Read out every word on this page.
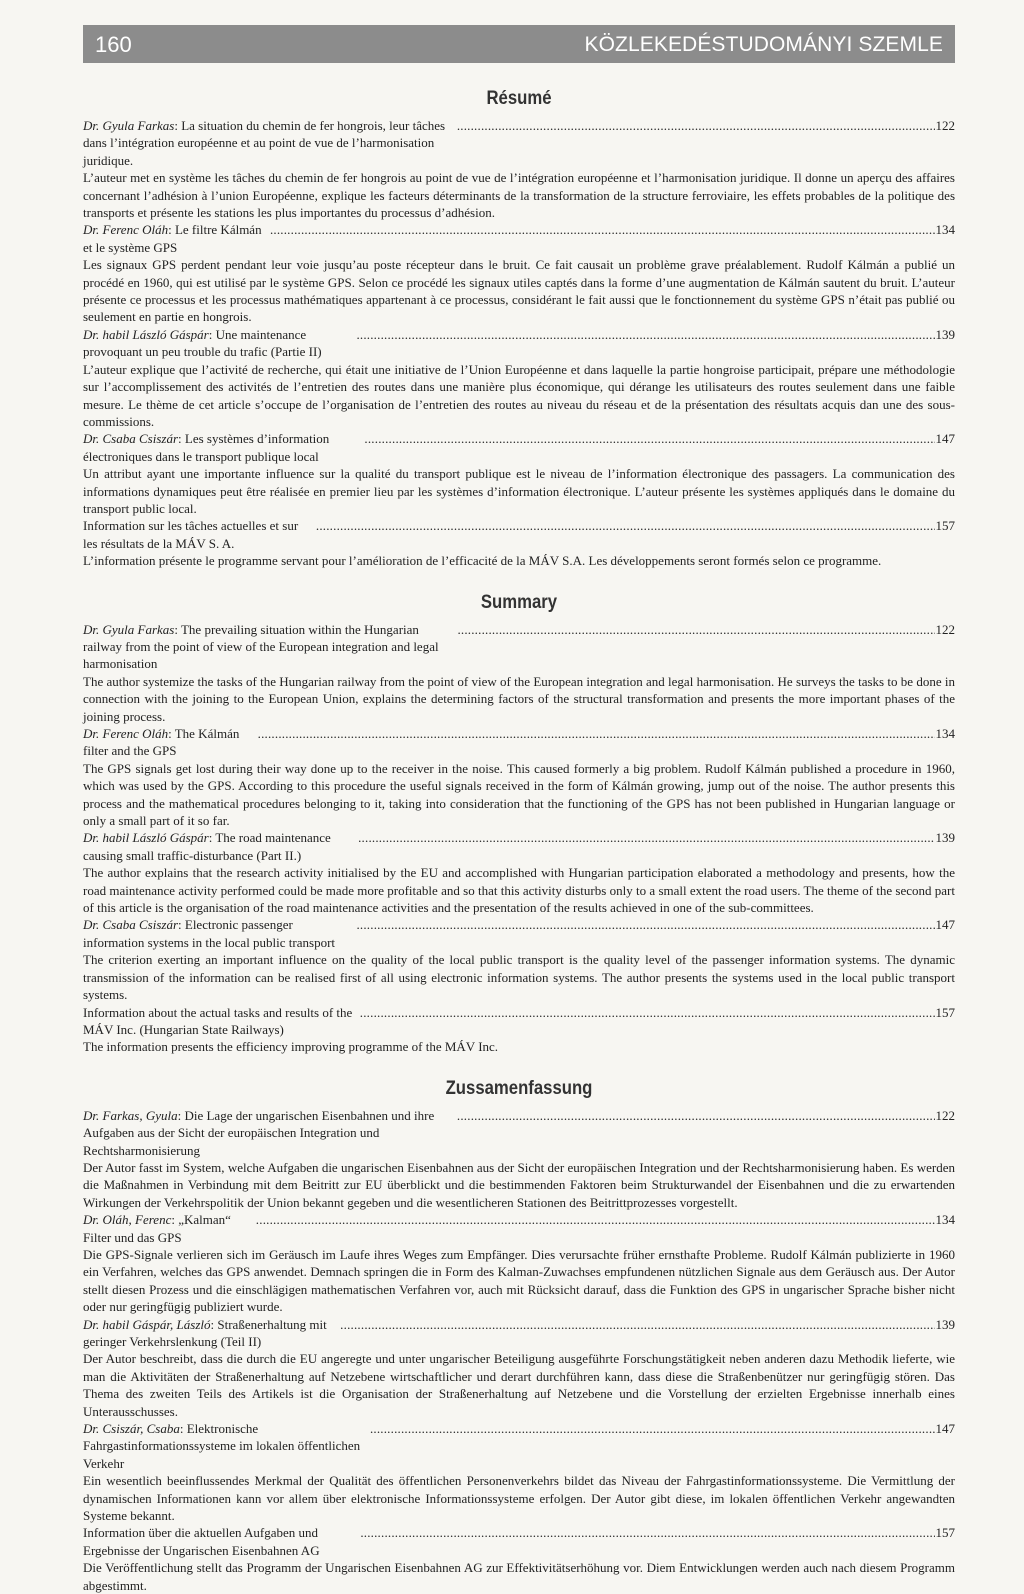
160	KÖZLEKEDÉSTUDOMÁNYI SZEMLE
Résumé
Dr. Gyula Farkas: La situation du chemin de fer hongrois, leur tâches dans l’intégration européenne et au point de vue de l’harmonisation juridique.
.....
122
L’auteur met en système les tâches du chemin de fer hongrois au point de vue de l’intégration européenne et l’harmonisation juridique. Il donne un aperçu des affaires concernant l’adhésion à l’union Européenne, explique les facteurs déterminants de la transformation de la structure ferroviaire, les effets probables de la politique des transports et présente les stations les plus importantes du processus d’adhésion.
Dr. Ferenc Oláh: Le filtre Kálmán et le système GPS
.....
134
Les signaux GPS perdent pendant leur voie jusqu’au poste récepteur dans le bruit. Ce fait causait un problème grave préalablement. Rudolf Kálmán a publié un procédé en 1960, qui est utilisé par le système GPS. Selon ce procédé les signaux utiles captés dans la forme d’une augmentation de Kálmán sautent du bruit. L’auteur présente ce processus et les processus mathématiques appartenant à ce processus, considérant le fait aussi que le fonctionnement du système GPS n’était pas publié ou seulement en partie en hongrois.
Dr. habil László Gáspár: Une maintenance provoquant un peu trouble du trafic (Partie II)
.....
139
L’auteur explique que l’activité de recherche, qui était une initiative de l’Union Européenne et dans laquelle la partie hongroise participait, prépare une méthodologie sur l’accomplissement des activités de l’entretien des routes dans une manière plus économique, qui dérange les utilisateurs des routes seulement dans une faible mesure. Le thème de cet article s’occupe de l’organisation de l’entretien des routes au niveau du réseau et de la présentation des résultats acquis dan une des sous-commissions.
Dr. Csaba Csiszár: Les systèmes d’information électroniques dans le transport publique local
.....
147
Un attribut ayant une importante influence sur la qualité du transport publique est le niveau de l’information électronique des passagers. La communication des informations dynamiques peut être réalisée en premier lieu par les systèmes d’information électronique. L’auteur présente les systèmes appliqués dans le domaine du transport public local.
Information sur les tâches actuelles et sur les résultats de la MÁV S. A.
.....
157
L’information présente le programme servant pour l’amélioration de l’efficacité de la MÁV S.A. Les développements seront formés selon ce programme.
Summary
Dr. Gyula Farkas: The prevailing situation within the Hungarian railway from the point of view of the European integration and legal harmonisation
.....
122
The author systemize the tasks of the Hungarian railway from the point of view of the European integration and legal harmonisation. He surveys the tasks to be done in connection with the joining to the European Union, explains the determining factors of the structural transformation and presents the more important phases of the joining process.
Dr. Ferenc Oláh: The Kálmán filter and the GPS
.....
134
The GPS signals get lost during their way done up to the receiver in the noise. This caused formerly a big problem. Rudolf Kálmán published a procedure in 1960, which was used by the GPS. According to this procedure the useful signals received in the form of Kálmán growing, jump out of the noise. The author presents this process and the mathematical procedures belonging to it, taking into consideration that the functioning of the GPS has not been published in Hungarian language or only a small part of it so far.
Dr. habil László Gáspár: The road maintenance causing small traffic-disturbance (Part II.)
.....
139
The author explains that the research activity initialised by the EU and accomplished with Hungarian participation elaborated a methodology and presents, how the road maintenance activity performed could be made more profitable and so that this activity disturbs only to a small extent the road users. The theme of the second part of this article is the organisation of the road maintenance activities and the presentation of the results achieved in one of the sub-committees.
Dr. Csaba Csiszár: Electronic passenger information systems in the local public transport
.....
147
The criterion exerting an important influence on the quality of the local public transport is the quality level of the passenger information systems. The dynamic transmission of the information can be realised first of all using electronic information systems. The author presents the systems used in the local public transport systems.
Information about the actual tasks and results of the MÁV Inc. (Hungarian State Railways)
.....
157
The information presents the efficiency improving programme of the MÁV Inc.
Zussamenfassung
Dr. Farkas, Gyula: Die Lage der ungarischen Eisenbahnen und ihre Aufgaben aus der Sicht der europäischen Integration und Rechtsharmonisierung
.....
122
Der Autor fasst im System, welche Aufgaben die ungarischen Eisenbahnen aus der Sicht der europäischen Integration und der Rechtsharmonisierung haben. Es werden die Maßnahmen in Verbindung mit dem Beitritt zur EU überblickt und die bestimmenden Faktoren beim Strukturwandel der Eisenbahnen und die zu erwartenden Wirkungen der Verkehrspolitik der Union bekannt gegeben und die wesentlicheren Stationen des Beitrittprozesses vorgestellt.
Dr. Oláh, Ferenc: „Kalman“ Filter und das GPS
.....
134
Die GPS-Signale verlieren sich im Geräusch im Laufe ihres Weges zum Empfänger. Dies verursachte früher ernsthafte Probleme. Rudolf Kálmán publizierte in 1960 ein Verfahren, welches das GPS anwendet. Demnach springen die in Form des Kalman-Zuwachses empfundenen nützlichen Signale aus dem Geräusch aus. Der Autor stellt diesen Prozess und die einschlägigen mathematischen Verfahren vor, auch mit Rücksicht darauf, dass die Funktion des GPS in ungarischer Sprache bisher nicht oder nur geringfügig publiziert wurde.
Dr. habil Gáspár, László: Straßenerhaltung mit geringer Verkehrslenkung (Teil II)
.....
139
Der Autor beschreibt, dass die durch die EU angeregte und unter ungarischer Beteiligung ausgeführte Forschungstätigkeit neben anderen dazu Methodik lieferte, wie man die Aktivitäten der Straßenerhaltung auf Netzebene wirtschaftlicher und derart durchführen kann, dass diese die Straßenbenützer nur geringfügig stören. Das Thema des zweiten Teils des Artikels ist die Organisation der Straßenerhaltung auf Netzebene und die Vorstellung der erzielten Ergebnisse innerhalb eines Unterausschusses.
Dr. Csiszár, Csaba: Elektronische Fahrgastinformationssysteme im lokalen öffentlichen Verkehr
.....
147
Ein wesentlich beeinflussendes Merkmal der Qualität des öffentlichen Personenverkehrs bildet das Niveau der Fahrgastinformationssysteme. Die Vermittlung der dynamischen Informationen kann vor allem über elektronische Informationssysteme erfolgen. Der Autor gibt diese, im lokalen öffentlichen Verkehr angewandten Systeme bekannt.
Information über die aktuellen Aufgaben und Ergebnisse der Ungarischen Eisenbahnen AG
.....
157
Die Veröffentlichung stellt das Programm der Ungarischen Eisenbahnen AG zur Effektivitätserhöhung vor. Diem Entwicklungen werden auch nach diesem Programm abgestimmt.
